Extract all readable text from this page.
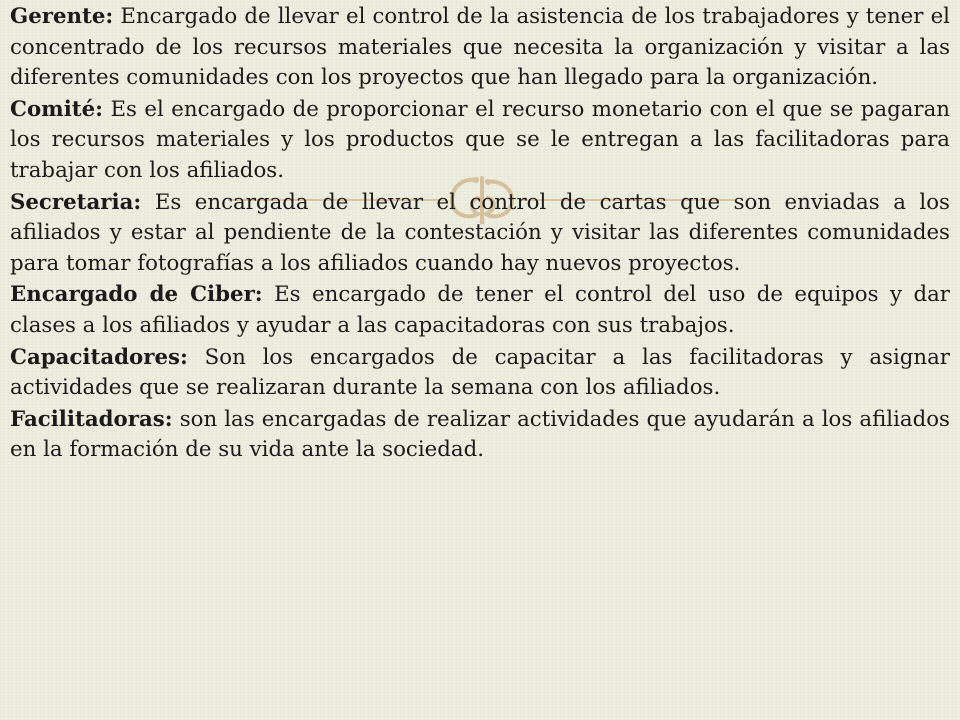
Gerente: Encargado de llevar el control de la asistencia de los trabajadores y tener el concentrado de los recursos materiales que necesita la organización y visitar a las diferentes comunidades con los proyectos que han llegado para la organización.

Comité: Es el encargado de proporcionar el recurso monetario con el que se pagaran los recursos materiales y los productos que se le entregan a las facilitadoras para trabajar con los afiliados.

Secretaria: Es encargada de llevar el control de cartas que son enviadas a los afiliados y estar al pendiente de la contestación y visitar las diferentes comunidades para tomar fotografías a los afiliados cuando hay nuevos proyectos.

Encargado de Ciber: Es encargado de tener el control del uso de equipos y dar clases a los afiliados y ayudar a las capacitadoras con sus trabajos.

Capacitadores: Son los encargados de capacitar a las facilitadoras y asignar actividades que se realizaran durante la semana con los afiliados.

Facilitadoras: son las encargadas de realizar actividades que ayudarán a los afiliados en la formación de su vida ante la sociedad.
